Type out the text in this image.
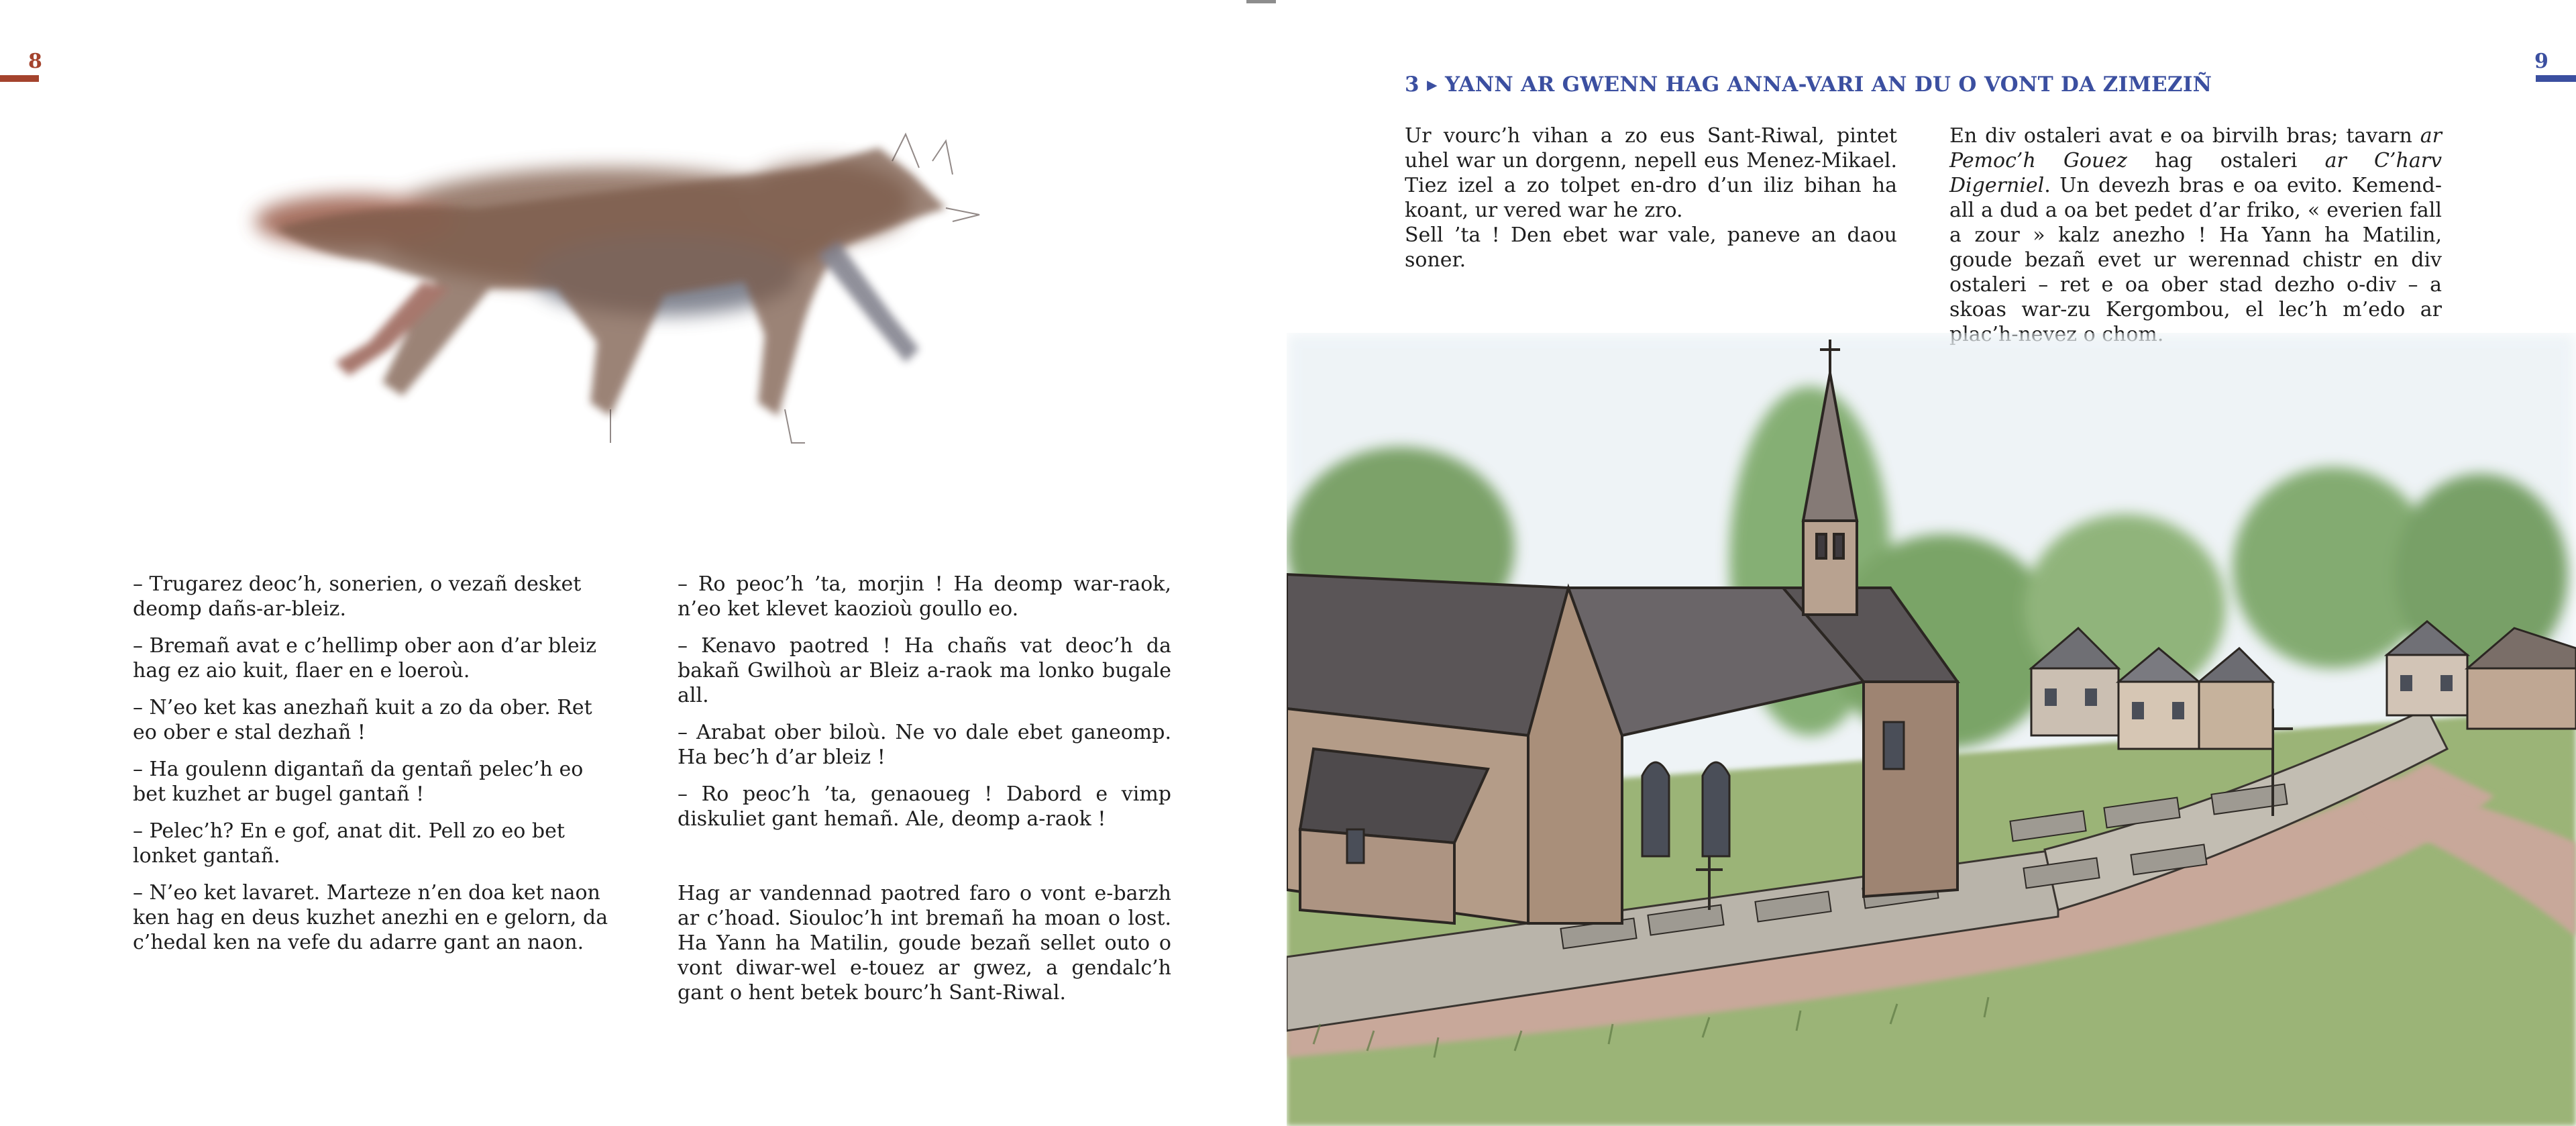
8

– Trugarez deoc’h, sonerien, o vezañ desket deomp dañs-ar-bleiz.

– Bremañ avat e c’hellimp ober aon d’ar bleiz hag ez aio kuit, flaer en e loeroù.

– N’eo ket kas anezhañ kuit a zo da ober. Ret eo ober e stal dezhañ !

– Ha goulenn digantañ da gentañ pelec’h eo bet kuzhet ar bugel gantañ !

– Pelec’h? En e gof, anat dit. Pell zo eo bet lonket gantañ.

– N’eo ket lavaret. Marteze n’en doa ket naon ken hag en deus kuzhet anezhi en e gelorn, da c’hedal ken na vefe du adarre gant an naon.

– Ro peoc’h ’ta, morjin ! Ha deomp war-raok, n’eo ket klevet kaozioù goullo eo.

– Kenavo paotred ! Ha chañs vat deoc’h da bakañ Gwilhoù ar Bleiz a-raok ma lonko bugale all.

– Arabat ober biloù. Ne vo dale ebet ganeomp. Ha bec’h d’ar bleiz !

– Ro peoc’h ’ta, genaoueg ! Dabord e vimp diskuliet gant hemañ. Ale, deomp a-raok !

Hag ar vandennad paotred faro o vont e-barzh ar c’hoad. Siouloc’h int bremañ ha moan o lost. Ha Yann ha Matilin, goude bezañ sellet outo o vont diwar-wel e-touez ar gwez, a gendalc’h gant o hent betek bourc’h Sant-Riwal.

9
3 ▸ YANN AR GWENN HAG ANNA-VARI AN DU O VONT DA ZIMEZIÑ

Ur vourc’h vihan a zo eus Sant-Riwal, pintet uhel war un dorgenn, nepell eus Menez-Mikael. Tiez izel a zo tolpet en-dro d’un iliz bihan ha koant, ur vered war he zro.

Sell ’ta ! Den ebet war vale, paneve an daou soner.

En div ostaleri avat e oa birvilh bras; tavarn ar Pemoc’h Gouez hag ostaleri ar C’harv Digerniel. Un devezh bras e oa evito. Kemend-all a dud a oa bet pedet d’ar friko, « everien fall a zour » kalz anezho ! Ha Yann ha Matilin, goude bezañ evet ur werennad chistr en div ostaleri – ret e oa ober stad dezho o-div – a skoas war-zu Kergombou, el lec’h m’edo ar
